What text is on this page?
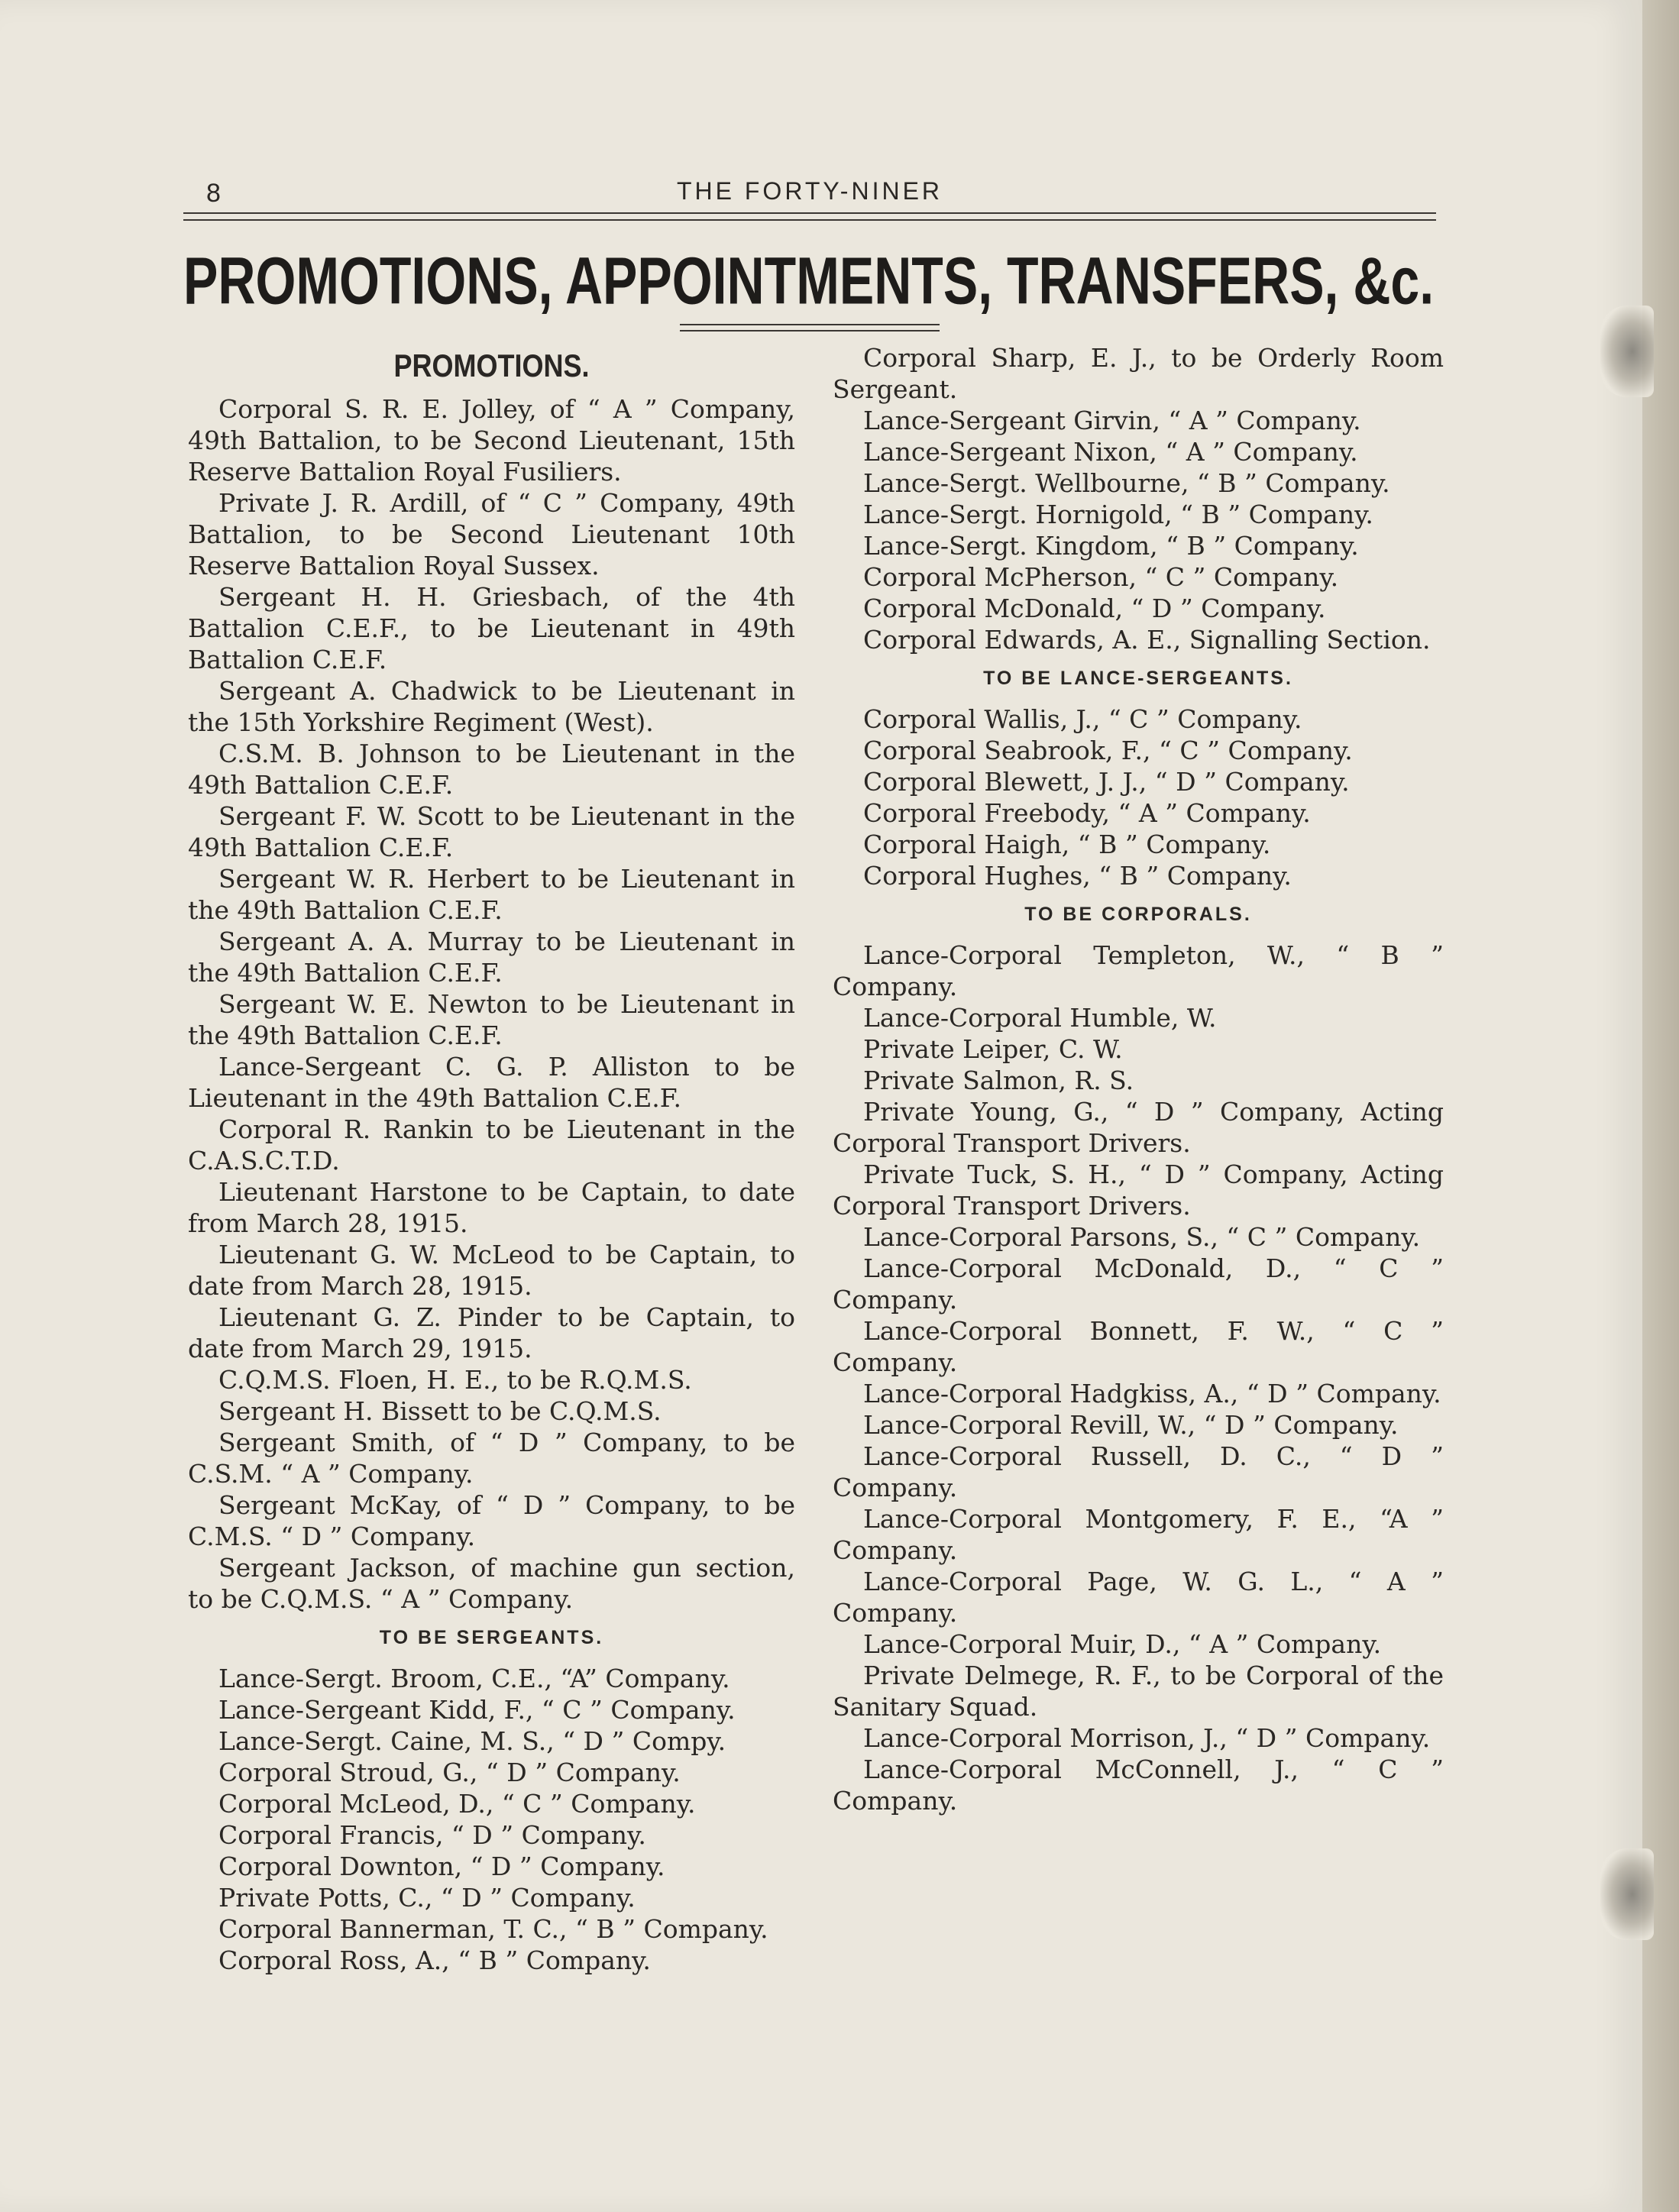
8	THE FORTY-NINER
PROMOTIONS, APPOINTMENTS, TRANSFERS, &c.
PROMOTIONS.

Corporal S. R. E. Jolley, of “ A ” Company, 49th Battalion, to be Second Lieutenant, 15th Reserve Battalion Royal Fusiliers.

Private J. R. Ardill, of “ C ” Company, 49th Battalion, to be Second Lieutenant 10th Reserve Battalion Royal Sussex.

Sergeant H. H. Griesbach, of the 4th Battalion C.E.F., to be Lieutenant in 49th Battalion C.E.F.

Sergeant A. Chadwick to be Lieutenant in the 15th Yorkshire Regiment (West).

C.S.M. B. Johnson to be Lieutenant in the 49th Battalion C.E.F.

Sergeant F. W. Scott to be Lieutenant in the 49th Battalion C.E.F.

Sergeant W. R. Herbert to be Lieutenant in the 49th Battalion C.E.F.

Sergeant A. A. Murray to be Lieutenant in the 49th Battalion C.E.F.

Sergeant W. E. Newton to be Lieutenant in the 49th Battalion C.E.F.

Lance-Sergeant C. G. P. Alliston to be Lieutenant in the 49th Battalion C.E.F.

Corporal R. Rankin to be Lieutenant in the C.A.S.C.T.D.

Lieutenant Harstone to be Captain, to date from March 28, 1915.

Lieutenant G. W. McLeod to be Captain, to date from March 28, 1915.

Lieutenant G. Z. Pinder to be Captain, to date from March 29, 1915.

C.Q.M.S. Floen, H. E., to be R.Q.M.S.

Sergeant H. Bissett to be C.Q.M.S.

Sergeant Smith, of “ D ” Company, to be C.S.M. “ A ” Company.

Sergeant McKay, of “ D ” Company, to be C.M.S. “ D ” Company.

Sergeant Jackson, of machine gun section, to be C.Q.M.S. “ A ” Company.

TO BE SERGEANTS.
Lance-Sergt. Broom, C.E., “A” Company.
Lance-Sergeant Kidd, F., “ C ” Company.
Lance-Sergt. Caine, M. S., “ D ” Compy.
Corporal Stroud, G., “ D ” Company.
Corporal McLeod, D., “ C ” Company.
Corporal Francis, “ D ” Company.
Corporal Downton, “ D ” Company.
Private Potts, C., “ D ” Company.
Corporal Bannerman, T. C., “ B ” Company.
Corporal Ross, A., “ B ” Company.

Corporal Sharp, E. J., to be Orderly Room Sergeant.

Lance-Sergeant Girvin, “ A ” Company.
Lance-Sergeant Nixon, “ A ” Company.
Lance-Sergt. Wellbourne, “ B ” Company.
Lance-Sergt. Hornigold, “ B ” Company.
Lance-Sergt. Kingdom, “ B ” Company.
Corporal McPherson, “ C ” Company.
Corporal McDonald, “ D ” Company.

Corporal Edwards, A. E., Signalling Section.

TO BE LANCE-SERGEANTS.
Corporal Wallis, J., “ C ” Company.
Corporal Seabrook, F., “ C ” Company.
Corporal Blewett, J. J., “ D ” Company.
Corporal Freebody, “ A ” Company.
Corporal Haigh, “ B ” Company.
Corporal Hughes, “ B ” Company.
TO BE CORPORALS.

Lance-Corporal Templeton, W., “ B ” Company.

Lance-Corporal Humble, W.
Private Leiper, C. W.
Private Salmon, R. S.

Private Young, G., “ D ” Company, Acting Corporal Transport Drivers.

Private Tuck, S. H., “ D ” Company, Acting Corporal Transport Drivers.

Lance-Corporal Parsons, S., “ C ” Company.

Lance-Corporal McDonald, D., “ C ” Company.

Lance-Corporal Bonnett, F. W., “ C ” Company.

Lance-Corporal Hadgkiss, A., “ D ” Company.

Lance-Corporal Revill, W., “ D ” Company.

Lance-Corporal Russell, D. C., “ D ” Company.

Lance-Corporal Montgomery, F. E., “A ” Company.

Lance-Corporal Page, W. G. L., “ A ” Company.

Lance-Corporal Muir, D., “ A ” Company.

Private Delmege, R. F., to be Corporal of the Sanitary Squad.

Lance-Corporal Morrison, J., “ D ” Company.

Lance-Corporal McConnell, J., “ C ” Company.
